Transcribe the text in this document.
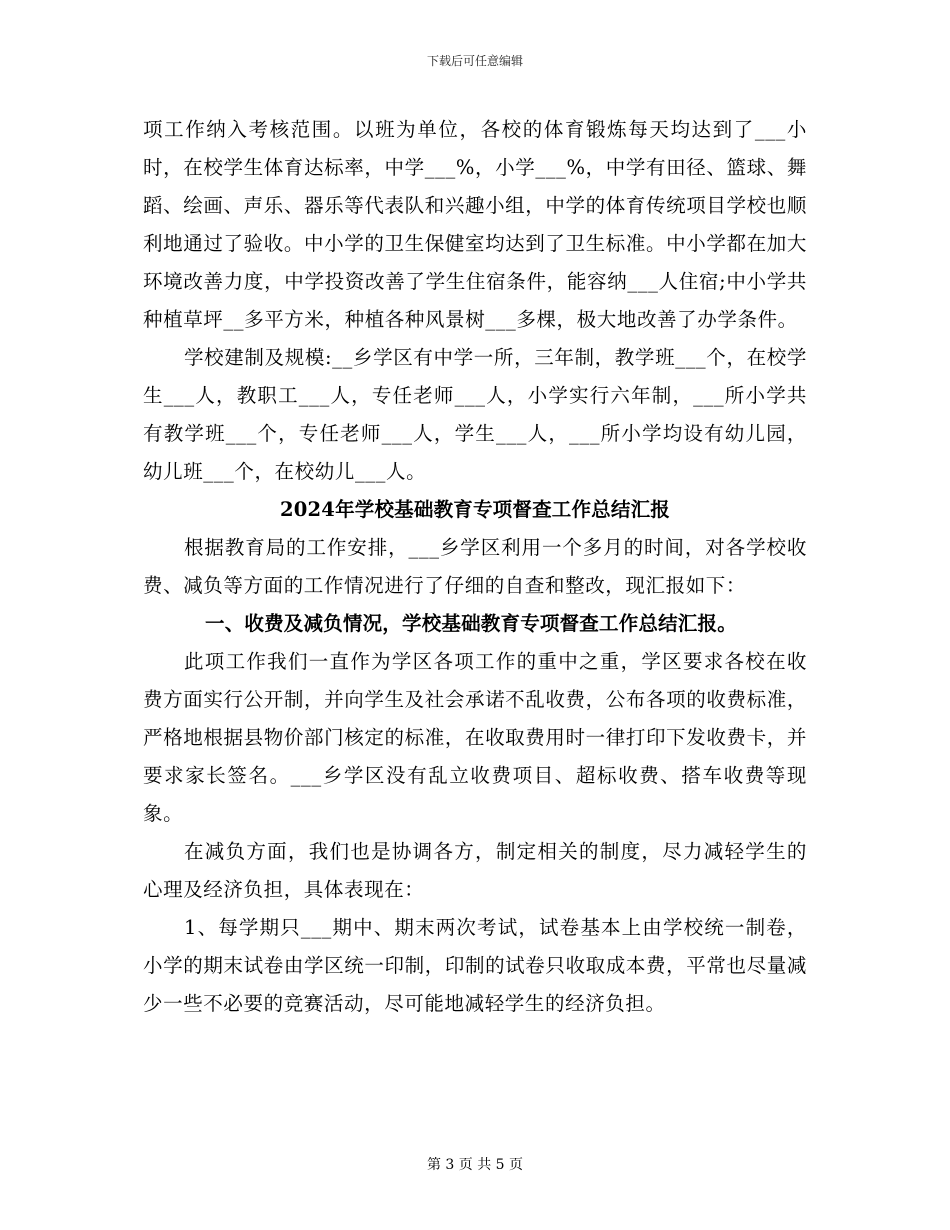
下载后可任意编辑

项工作纳入考核范围。以班为单位，各校的体育锻炼每天均达到了___小时，在校学生体育达标率，中学___%，小学___%，中学有田径、篮球、舞蹈、绘画、声乐、器乐等代表队和兴趣小组，中学的体育传统项目学校也顺利地通过了验收。中小学的卫生保健室均达到了卫生标准。中小学都在加大环境改善力度，中学投资改善了学生住宿条件，能容纳___人住宿;中小学共种植草坪__多平方米，种植各种风景树___多棵，极大地改善了办学条件。

学校建制及规模:__乡学区有中学一所，三年制，教学班___个，在校学生___人，教职工___人，专任老师___人，小学实行六年制，___所小学共有教学班___个，专任老师___人，学生___人，___所小学均设有幼儿园，幼儿班___个，在校幼儿___人。

2024年学校基础教育专项督查工作总结汇报

根据教育局的工作安排，___乡学区利用一个多月的时间，对各学校收费、减负等方面的工作情况进行了仔细的自查和整改，现汇报如下：

一、收费及减负情况，学校基础教育专项督查工作总结汇报。

此项工作我们一直作为学区各项工作的重中之重，学区要求各校在收费方面实行公开制，并向学生及社会承诺不乱收费，公布各项的收费标准，严格地根据县物价部门核定的标准，在收取费用时一律打印下发收费卡，并要求家长签名。___乡学区没有乱立收费项目、超标收费、搭车收费等现象。

在减负方面，我们也是协调各方，制定相关的制度，尽力减轻学生的心理及经济负担，具体表现在：

1、每学期只___期中、期末两次考试，试卷基本上由学校统一制卷，小学的期末试卷由学区统一印制，印制的试卷只收取成本费，平常也尽量减少一些不必要的竞赛活动，尽可能地减轻学生的经济负担。

第 3 页 共 5 页
